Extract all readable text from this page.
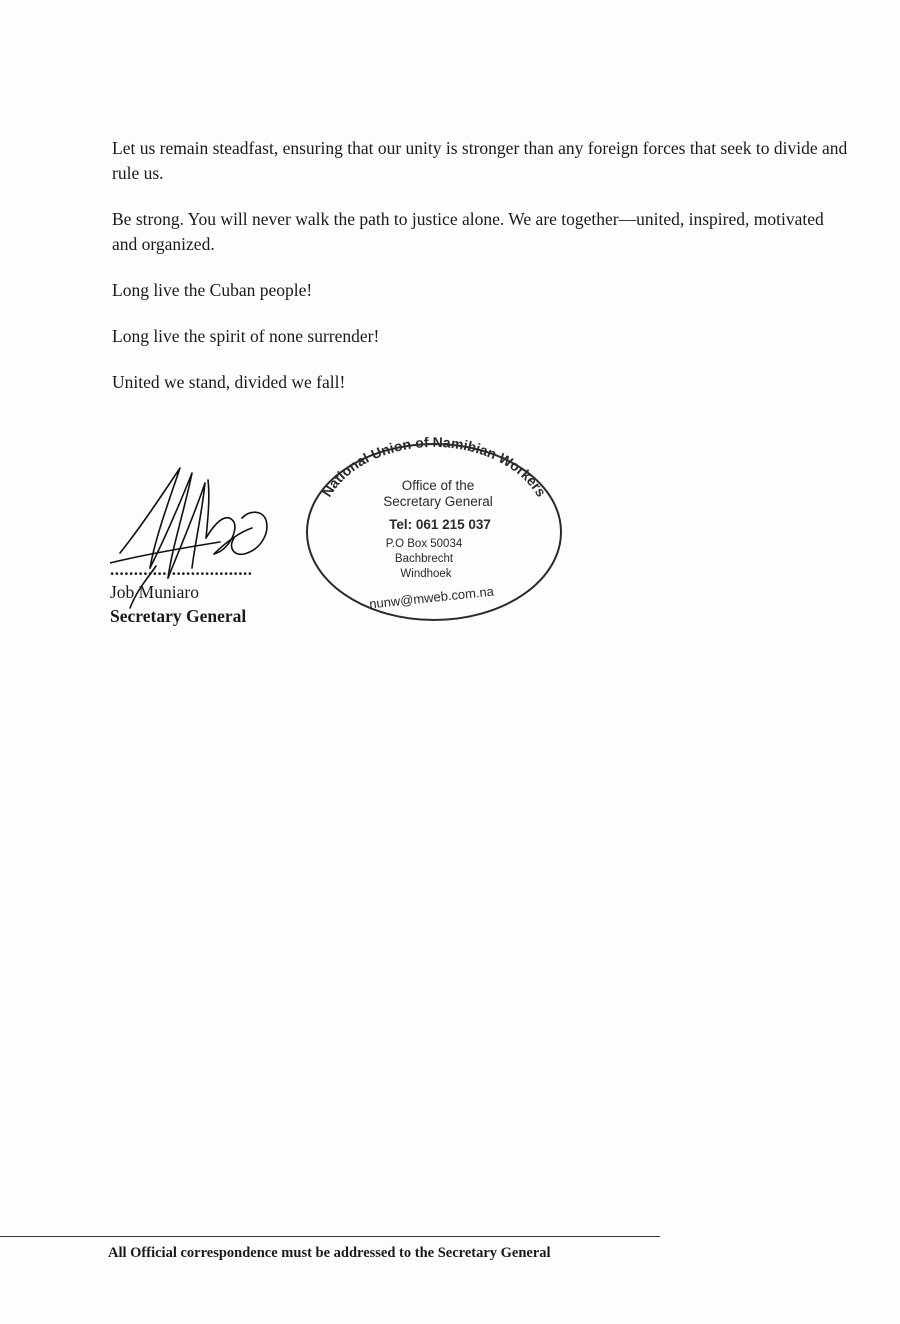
Let us remain steadfast, ensuring that our unity is stronger than any foreign forces that seek to divide and rule us.

Be strong. You will never walk the path to justice alone. We are together—united, inspired, motivated and organized.

Long live the Cuban people!

Long live the spirit of none surrender!

United we stand, divided we fall!

..............................
Job Muniaro
Secretary General
National Union of Namibian Workers
Office of the
Secretary General
Tel: 061 215 037
P.O Box 50034
Bachbrecht
Windhoek
nunw@mweb.com.na
All Official correspondence must be addressed to the Secretary General
